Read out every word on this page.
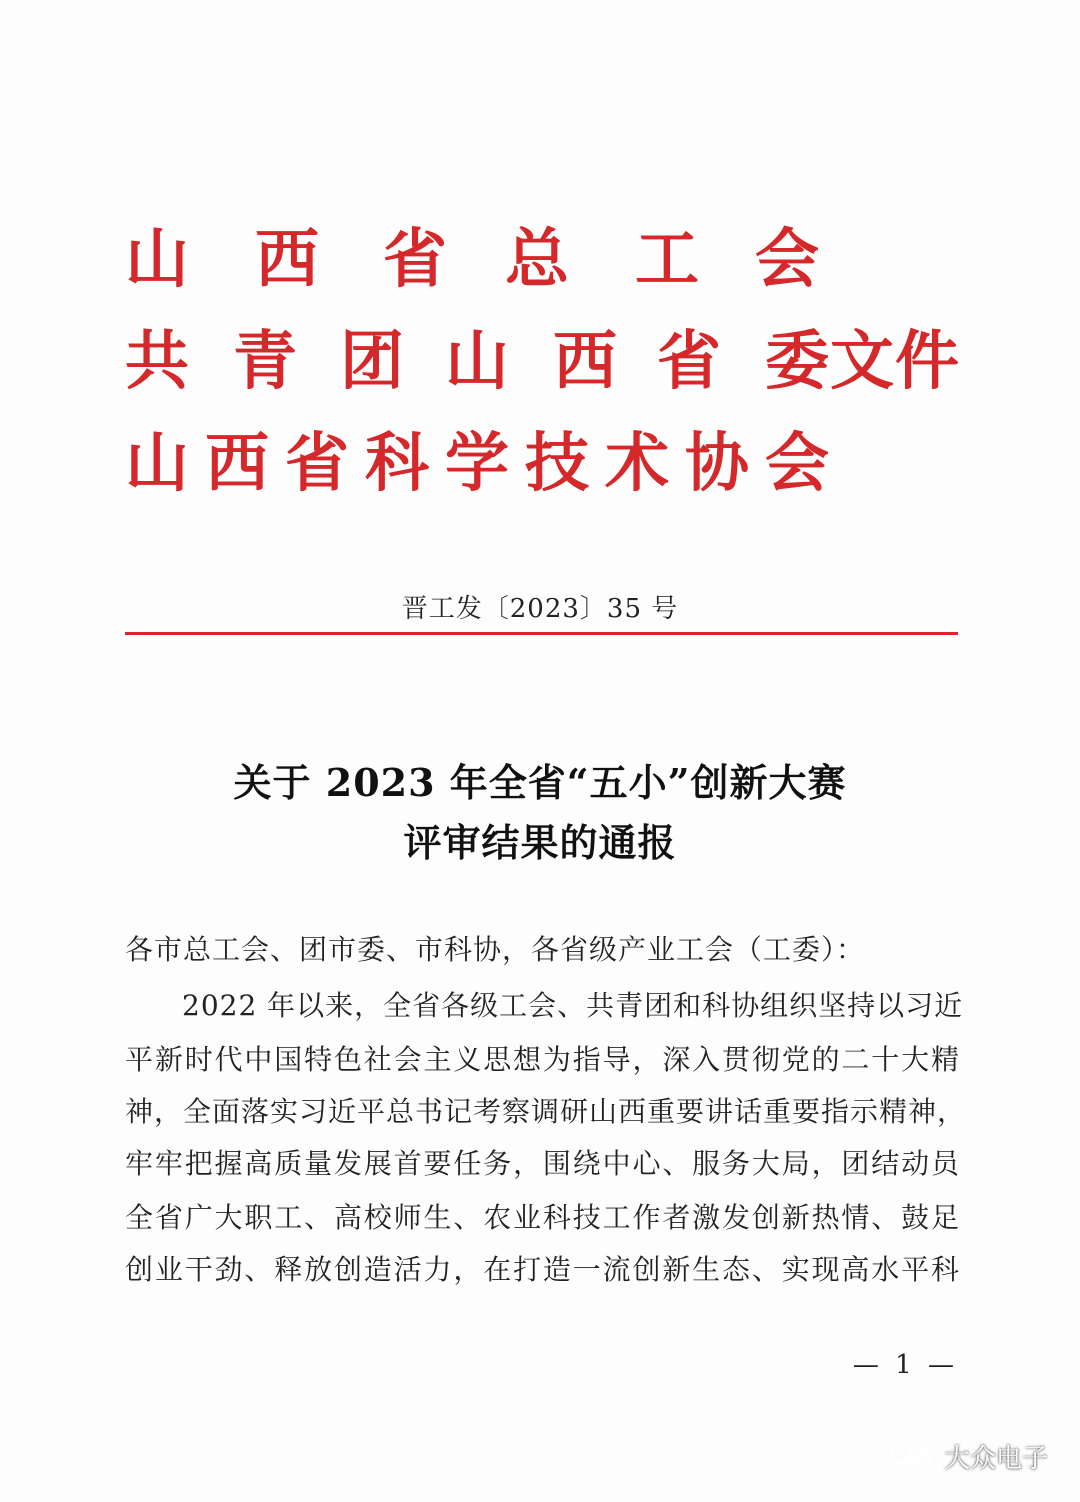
山 西 省 总 工 会
共 青 团 山 西 省 委 文 件
山 西 省 科 学 技 术 协 会
晋工发〔2023〕35 号
关于 2023 年全省“五小”创新大赛
评审结果的通报
各市总工会、团市委、市科协，各省级产业工会（工委）：
2022 年以来，全省各级工会、共青团和科协组织坚持以习近
平新时代中国特色社会主义思想为指导，深入贯彻党的二十大精
神，全面落实习近平总书记考察调研山西重要讲话重要指示精神，
牢牢把握高质量发展首要任务，围绕中心、服务大局，团结动员
全省广大职工、高校师生、农业科技工作者激发创新热情、鼓足
创业干劲、释放创造活力，在打造一流创新生态、实现高水平科
— 1 —
大众电子
